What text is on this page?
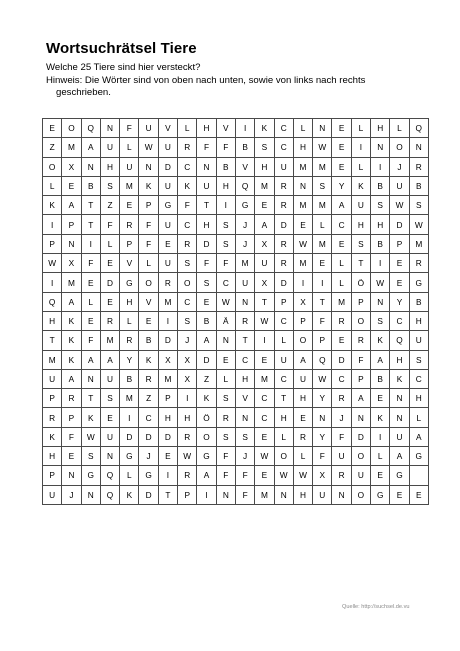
Wortsuchrätsel Tiere
Welche 25 Tiere sind hier versteckt?
Hinweis: Die Wörter sind von oben nach unten, sowie von links nach rechts
geschrieben.
E	O	Q	N	F	U	V	L	H	V	I	K	C	L	N	E	L	H	L	Q
Z	M	A	U	L	W	U	R	F	F	B	S	C	H	W	E	I	N	O	N
O	X	N	H	U	N	D	C	N	B	V	H	U	M	M	E	L	I	J	R
L	E	B	S	M	K	U	K	U	H	Q	M	R	N	S	Y	K	B	U	B
K	A	T	Z	E	P	G	F	T	I	G	E	R	M	M	A	U	S	W	S
I	P	T	F	R	F	U	C	H	S	J	A	D	E	L	C	H	H	D	W
P	N	I	L	P	F	E	R	D	S	J	X	R	W	M	E	S	B	P	M
W	X	F	E	V	L	U	S	F	F	M	U	R	M	E	L	T	I	E	R
I	M	E	D	G	O	R	O	S	C	U	X	D	I	I	L	Ö	W	E	G
Q	A	L	E	H	V	M	C	E	W	N	T	P	X	T	M	P	N	Y	B
H	K	E	R	L	E	I	S	B	Ä	R	W	C	P	F	R	O	S	C	H
T	K	F	M	R	B	D	J	A	N	T	I	L	O	P	E	R	K	Q	U
M	K	A	A	Y	K	X	X	D	E	C	E	U	A	Q	D	F	A	H	S
U	A	N	U	B	R	M	X	Z	L	H	M	C	U	W	C	P	B	K	C
P	R	T	S	M	Z	P	I	K	S	V	C	T	H	Y	R	A	E	N	H
R	P	K	E	I	C	H	H	Ö	R	N	C	H	E	N	J	N	K	N	L
K	F	W	U	D	D	D	R	O	S	S	E	L	R	Y	F	D	I	U	A
H	E	S	N	G	J	E	W	G	F	J	W	O	L	F	U	O	L	A	G
P	N	G	Q	L	G	I	R	A	F	F	E	W	W	X	R	U	E	G	
U	J	N	Q	K	D	T	P	I	N	F	M	N	H	U	N	O	G	E	E
Quelle: http://suchsel.de.vu
